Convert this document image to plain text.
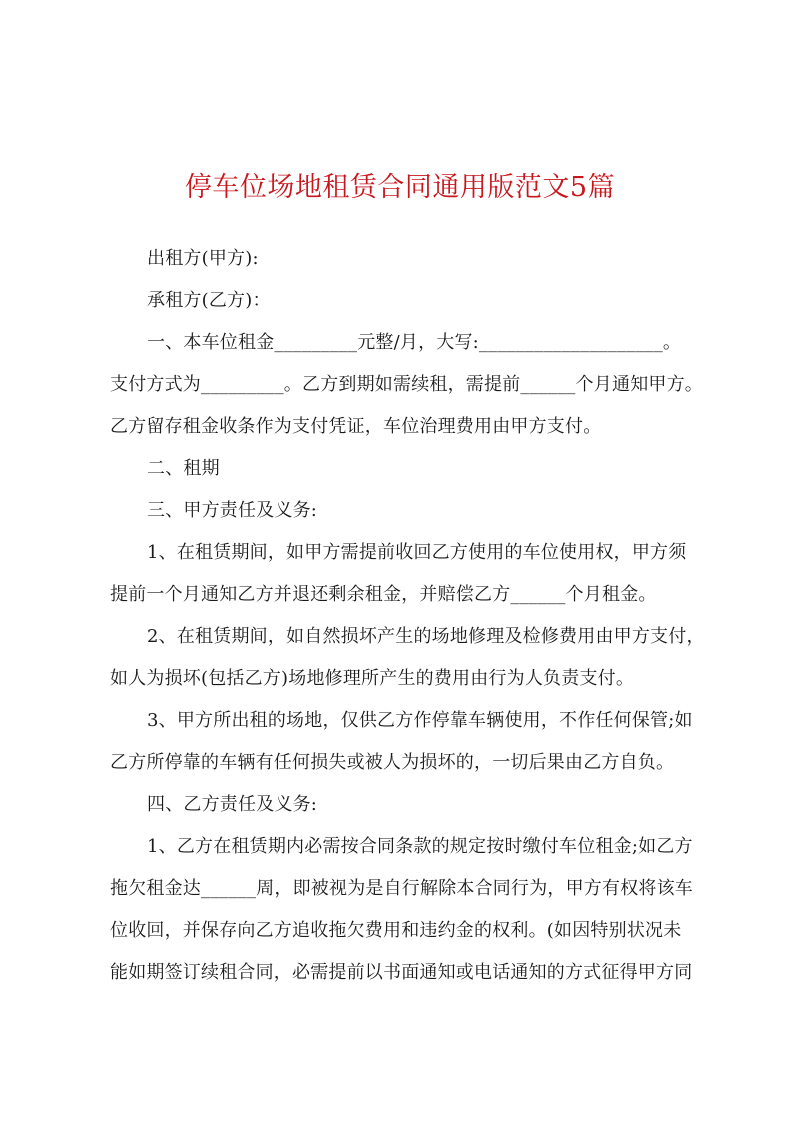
停车位场地租赁合同通用版范文5篇
出租方(甲方):
承租方(乙方)：
一、本车位租金_________元整/月，大写:____________________。
支付方式为_________。乙方到期如需续租，需提前______个月通知甲方。
乙方留存租金收条作为支付凭证，车位治理费用由甲方支付。
二、租期
三、甲方责任及义务:
1、在租赁期间，如甲方需提前收回乙方使用的车位使用权，甲方须
提前一个月通知乙方并退还剩余租金，并赔偿乙方______个月租金。
2、在租赁期间，如自然损坏产生的场地修理及检修费用由甲方支付，
如人为损坏(包括乙方)场地修理所产生的费用由行为人负责支付。
3、甲方所出租的场地，仅供乙方作停靠车辆使用，不作任何保管;如
乙方所停靠的车辆有任何损失或被人为损坏的，一切后果由乙方自负。
四、乙方责任及义务:
1、乙方在租赁期内必需按合同条款的规定按时缴付车位租金;如乙方
拖欠租金达______周，即被视为是自行解除本合同行为，甲方有权将该车
位收回，并保存向乙方追收拖欠费用和违约金的权利。(如因特别状况未
能如期签订续租合同，必需提前以书面通知或电话通知的方式征得甲方同
